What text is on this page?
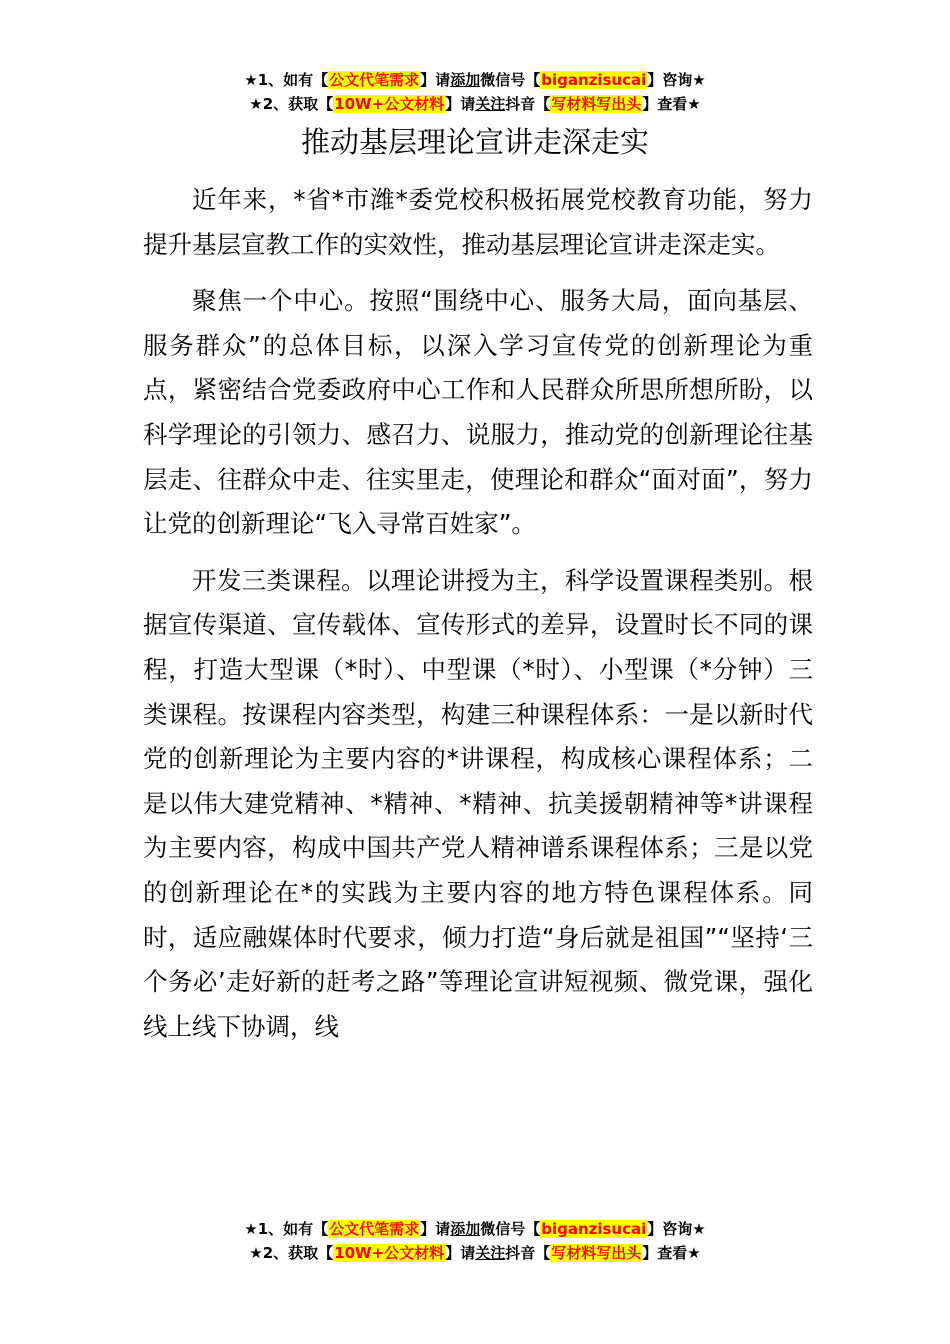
★1、如有【公文代笔需求】请添加微信号【biganzisucai】咨询★
★2、获取【10W+公文材料】请关注抖音【写材料写出头】查看★
推动基层理论宣讲走深走实

近年来，*省*市潍*委党校积极拓展党校教育功能，努力提升基层宣教工作的实效性，推动基层理论宣讲走深走实。

聚焦一个中心。按照“围绕中心、服务大局，面向基层、服务群众”的总体目标，以深入学习宣传党的创新理论为重点，紧密结合党委政府中心工作和人民群众所思所想所盼，以科学理论的引领力、感召力、说服力，推动党的创新理论往基层走、往群众中走、往实里走，使理论和群众“面对面”，努力让党的创新理论“飞入寻常百姓家”。

开发三类课程。以理论讲授为主，科学设置课程类别。根据宣传渠道、宣传载体、宣传形式的差异，设置时长不同的课程，打造大型课（*时）、中型课（*时）、小型课（*分钟）三类课程。按课程内容类型，构建三种课程体系：一是以新时代党的创新理论为主要内容的*讲课程，构成核心课程体系；二是以伟大建党精神、*精神、*精神、抗美援朝精神等*讲课程为主要内容，构成中国共产党人精神谱系课程体系；三是以党的创新理论在*的实践为主要内容的地方特色课程体系。同时，适应融媒体时代要求，倾力打造“身后就是祖国”“坚持‘三个务必’走好新的赶考之路”等理论宣讲短视频、微党课，强化线上线下协调，线

★1、如有【公文代笔需求】请添加微信号【biganzisucai】咨询★
★2、获取【10W+公文材料】请关注抖音【写材料写出头】查看★
